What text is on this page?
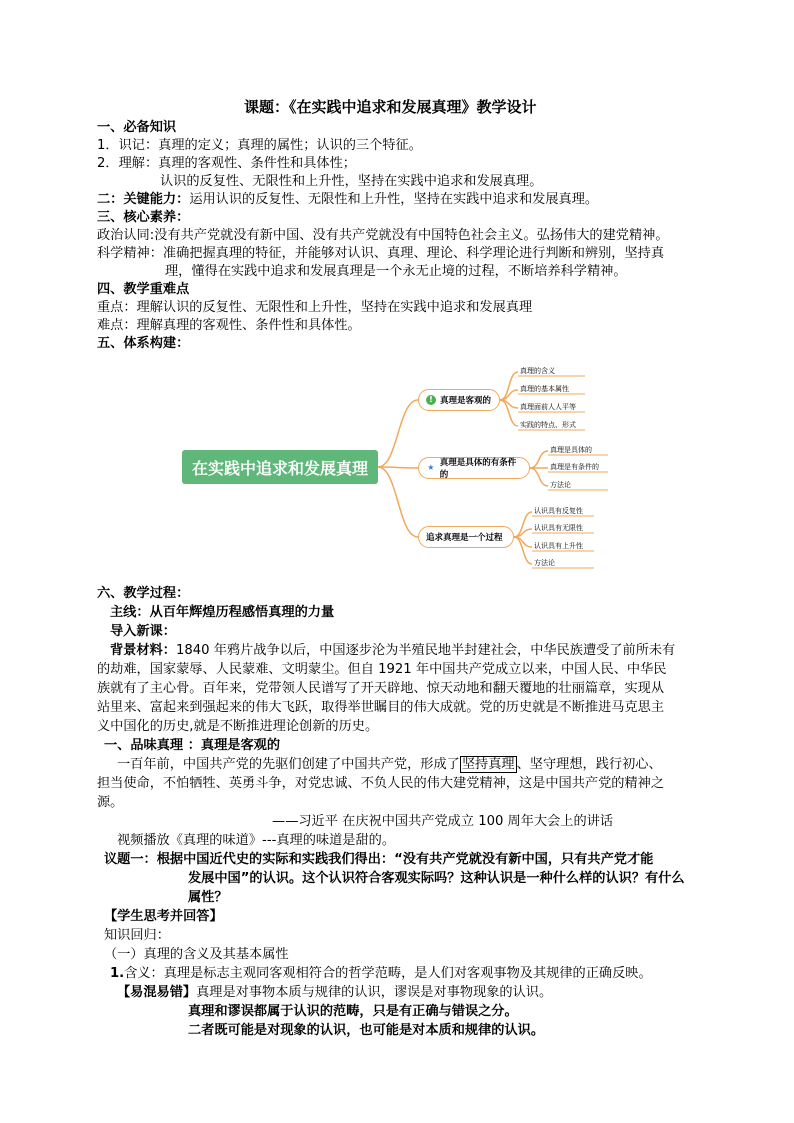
课题：《在实践中追求和发展真理》教学设计
一、必备知识
1．识记：真理的定义；真理的属性；认识的三个特征。
2．理解：真理的客观性、条件性和具体性；
认识的反复性、无限性和上升性，坚持在实践中追求和发展真理。
二：关键能力：运用认识的反复性、无限性和上升性，坚持在实践中追求和发展真理。
三、核心素养：
政治认同:没有共产党就没有新中国、没有共产党就没有中国特色社会主义。弘扬伟大的建党精神。
科学精神：准确把握真理的特征，并能够对认识、真理、理论、科学理论进行判断和辨别，坚持真
理，懂得在实践中追求和发展真理是一个永无止境的过程，不断培养科学精神。
四、教学重难点
重点：理解认识的反复性、无限性和上升性，坚持在实践中追求和发展真理
难点：理解真理的客观性、条件性和具体性。
五、体系构建：
在实践中追求和发展真理
! 真理是客观的
★ 真理是具体的有条件的
追求真理是一个过程
真理的含义
真理的基本属性
真理面前人人平等
实践的特点、形式
真理是具体的
真理是有条件的
方法论
认识具有反复性
认识具有无限性
认识具有上升性
方法论
六、教学过程：
主线：从百年辉煌历程感悟真理的力量
导入新课：
背景材料：1840 年鸦片战争以后，中国逐步沦为半殖民地半封建社会，中华民族遭受了前所未有
的劫难，国家蒙辱、人民蒙难、文明蒙尘。但自 1921 年中国共产党成立以来，中国人民、中华民
族就有了主心骨。百年来，党带领人民谱写了开天辟地、惊天动地和翻天覆地的壮丽篇章，实现从
站里来、富起来到强起来的伟大飞跃，取得举世瞩目的伟大成就。党的历史就是不断推进马克思主
义中国化的历史,就是不断推进理论创新的历史。
一、品味真理 ：真理是客观的
一百年前，中国共产党的先驱们创建了中国共产党，形成了 坚持真理 、坚守理想，践行初心、
担当使命，不怕牺牲、英勇斗争，对党忠诚、不负人民的伟大建党精神，这是中国共产党的精神之
源。
——习近平 在庆祝中国共产党成立 100 周年大会上的讲话
视频播放《真理的味道》---真理的味道是甜的。
议题一：根据中国近代史的实际和实践我们得出：“没有共产党就没有新中国，只有共产党才能
发展中国”的认识。这个认识符合客观实际吗？这种认识是一种什么样的认识？有什么
属性？
【学生思考并回答】
知识回归：
（一）真理的含义及其基本属性
1.含义：真理是标志主观同客观相符合的哲学范畴，是人们对客观事物及其规律的正确反映。
【易混易错】真理是对事物本质与规律的认识，谬误是对事物现象的认识。
真理和谬误都属于认识的范畴，只是有正确与错误之分。
二者既可能是对现象的认识，也可能是对本质和规律的认识。
